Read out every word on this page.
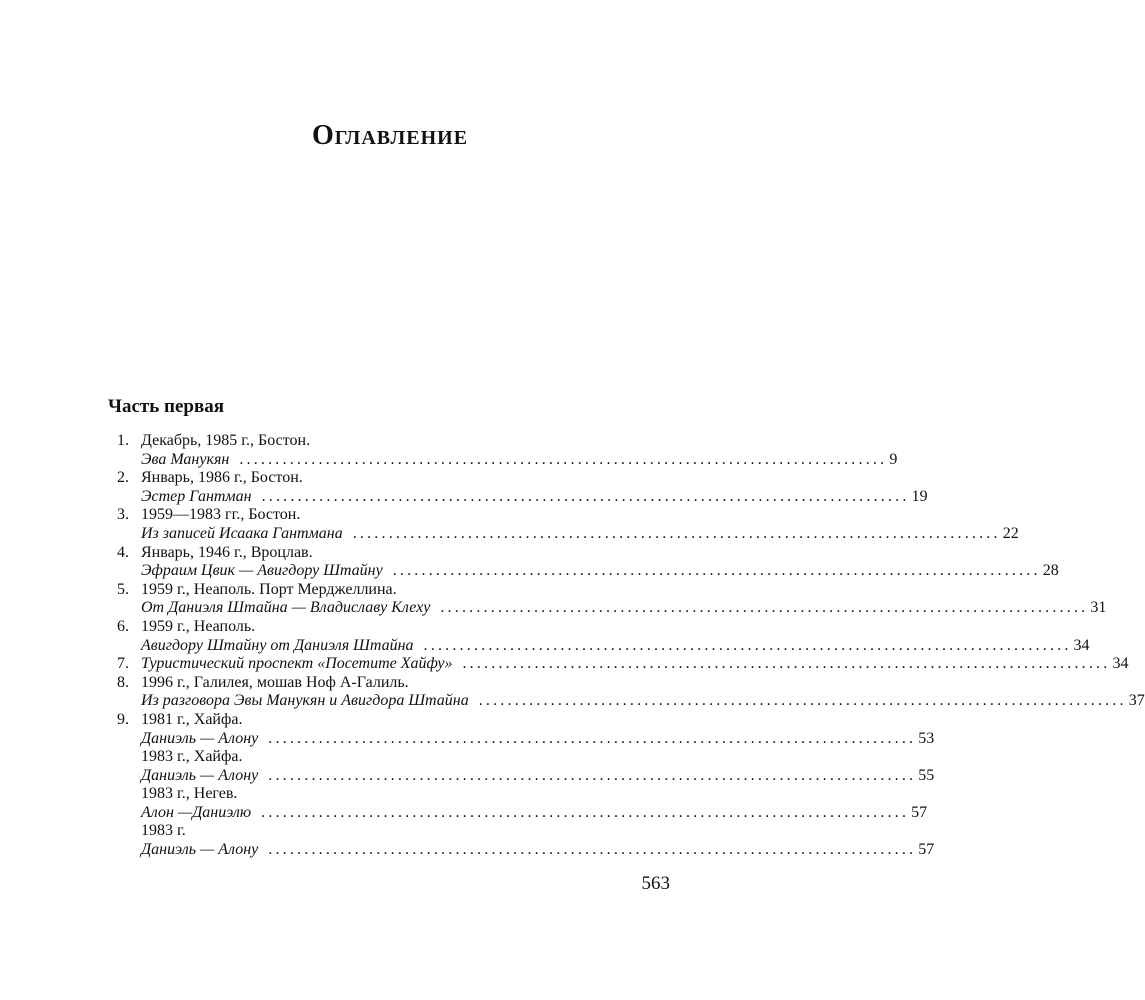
Оглавление
Часть первая
1. Декабрь, 1985 г., Бостон.
Эва Манукян .......................................................................................... 9
2. Январь, 1986 г., Бостон.
Эстер Гантман .......................................................................................... 19
3. 1959—1983 гг., Бостон.
Из записей Исаака Гантмана .......................................................................................... 22
4. Январь, 1946 г., Вроцлав.
Эфраим Цвик — Авигдору Штайну .......................................................................................... 28
5. 1959 г., Неаполь. Порт Мерджеллина.
От Даниэля Штайна — Владиславу Клеху .......................................................................................... 31
6. 1959 г., Неаполь.
Авигдору Штайну от Даниэля Штайна .......................................................................................... 34
7. Туристический проспект «Посетите Хайфу» .......................................................................................... 34
8. 1996 г., Галилея, мошав Ноф А-Галиль.
Из разговора Эвы Манукян и Авигдора Штайна .......................................................................................... 37
9. 1981 г., Хайфа.
Даниэль — Алону .......................................................................................... 53
1983 г., Хайфа.
Даниэль — Алону .......................................................................................... 55
1983 г., Негев.
Алон —Даниэлю .......................................................................................... 57
1983 г.
Даниэль — Алону .......................................................................................... 57
563
